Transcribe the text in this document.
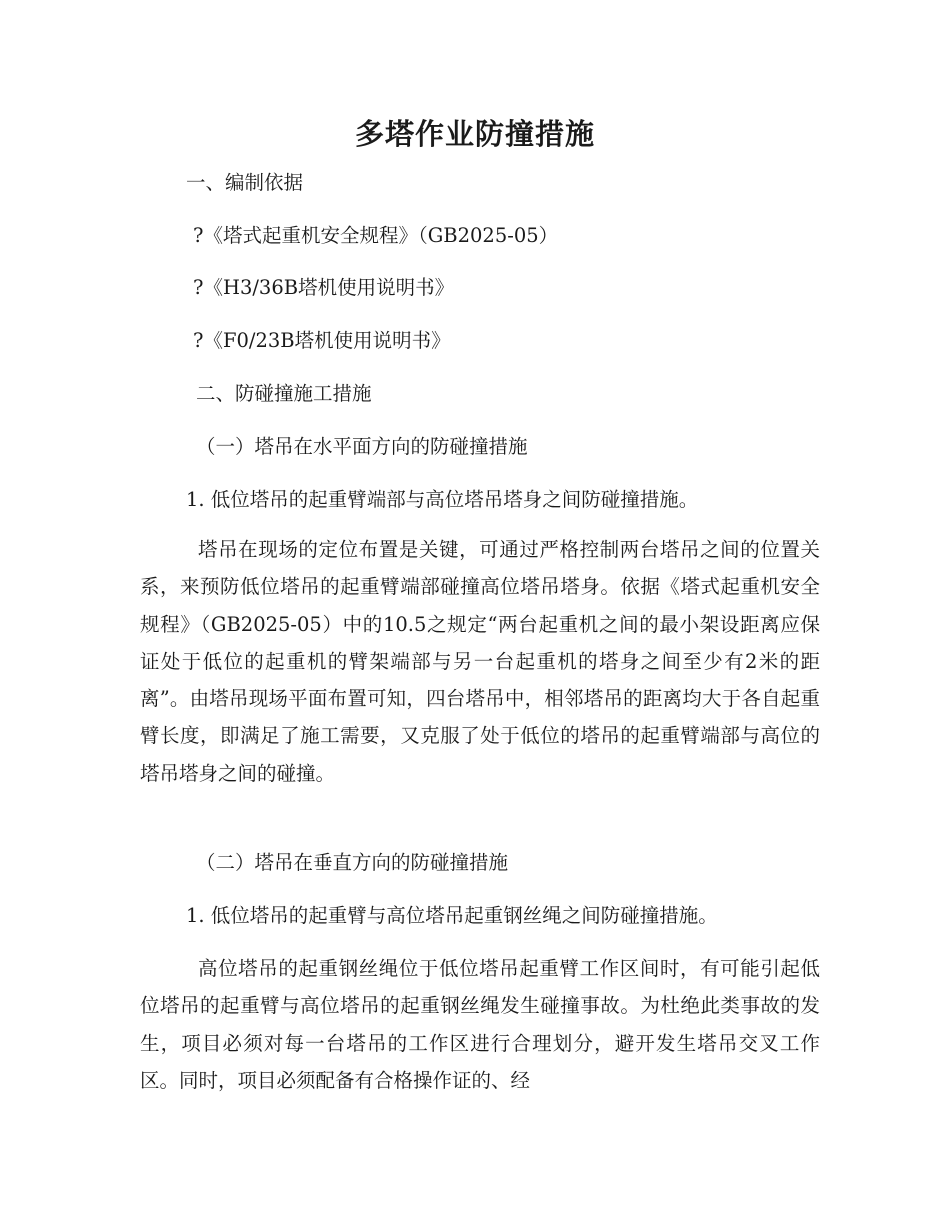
多塔作业防撞措施

一、编制依据

?《塔式起重机安全规程》（GB2025-05）

?《H3/36B塔机使用说明书》

?《F0/23B塔机使用说明书》

二、防碰撞施工措施

（一）塔吊在水平面方向的防碰撞措施

1. 低位塔吊的起重臂端部与高位塔吊塔身之间防碰撞措施。

塔吊在现场的定位布置是关键，可通过严格控制两台塔吊之间的位置关系，来预防低位塔吊的起重臂端部碰撞高位塔吊塔身。依据《塔式起重机安全规程》（GB2025-05）中的10.5之规定“两台起重机之间的最小架设距离应保证处于低位的起重机的臂架端部与另一台起重机的塔身之间至少有2米的距离”。由塔吊现场平面布置可知，四台塔吊中，相邻塔吊的距离均大于各自起重臂长度，即满足了施工需要，又克服了处于低位的塔吊的起重臂端部与高位的塔吊塔身之间的碰撞。

（二）塔吊在垂直方向的防碰撞措施

1. 低位塔吊的起重臂与高位塔吊起重钢丝绳之间防碰撞措施。

高位塔吊的起重钢丝绳位于低位塔吊起重臂工作区间时，有可能引起低位塔吊的起重臂与高位塔吊的起重钢丝绳发生碰撞事故。为杜绝此类事故的发生，项目必须对每一台塔吊的工作区进行合理划分，避开发生塔吊交叉工作区。同时，项目必须配备有合格操作证的、经
